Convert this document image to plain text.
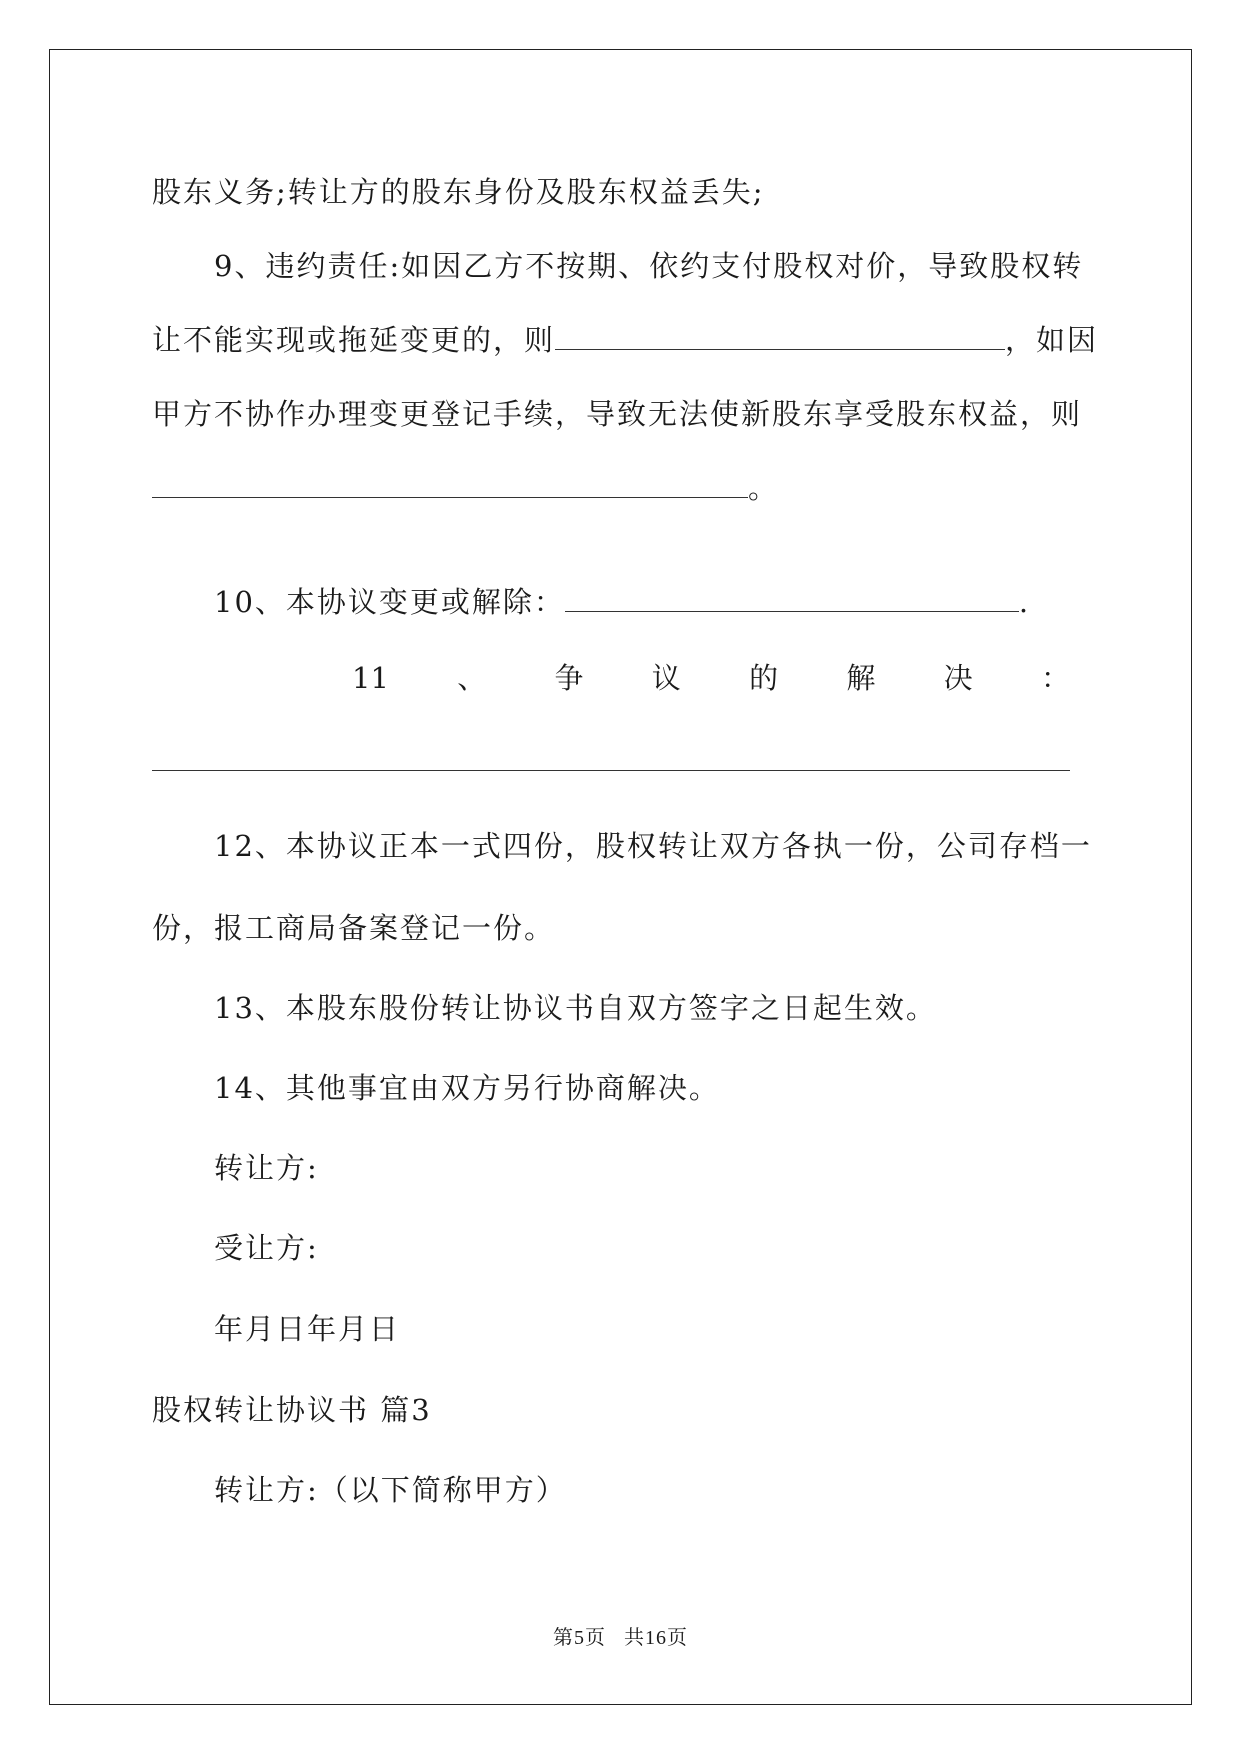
股东义务;转让方的股东身份及股东权益丢失;
9、违约责任:如因乙方不按期、依约支付股权对价，导致股权转
让不能实现或拖延变更的，则	，如因
甲方不协作办理变更登记手续，导致无法使新股东享受股东权益，则
。
10、本协议变更或解除：	.
11 、 争 议 的 解 决 ：
12、本协议正本一式四份，股权转让双方各执一份，公司存档一
份，报工商局备案登记一份。
13、本股东股份转让协议书自双方签字之日起生效。
14、其他事宜由双方另行协商解决。
转让方:
受让方:
年月日年月日
股权转让协议书 篇3
转让方:（以下简称甲方）
第5页 共16页
